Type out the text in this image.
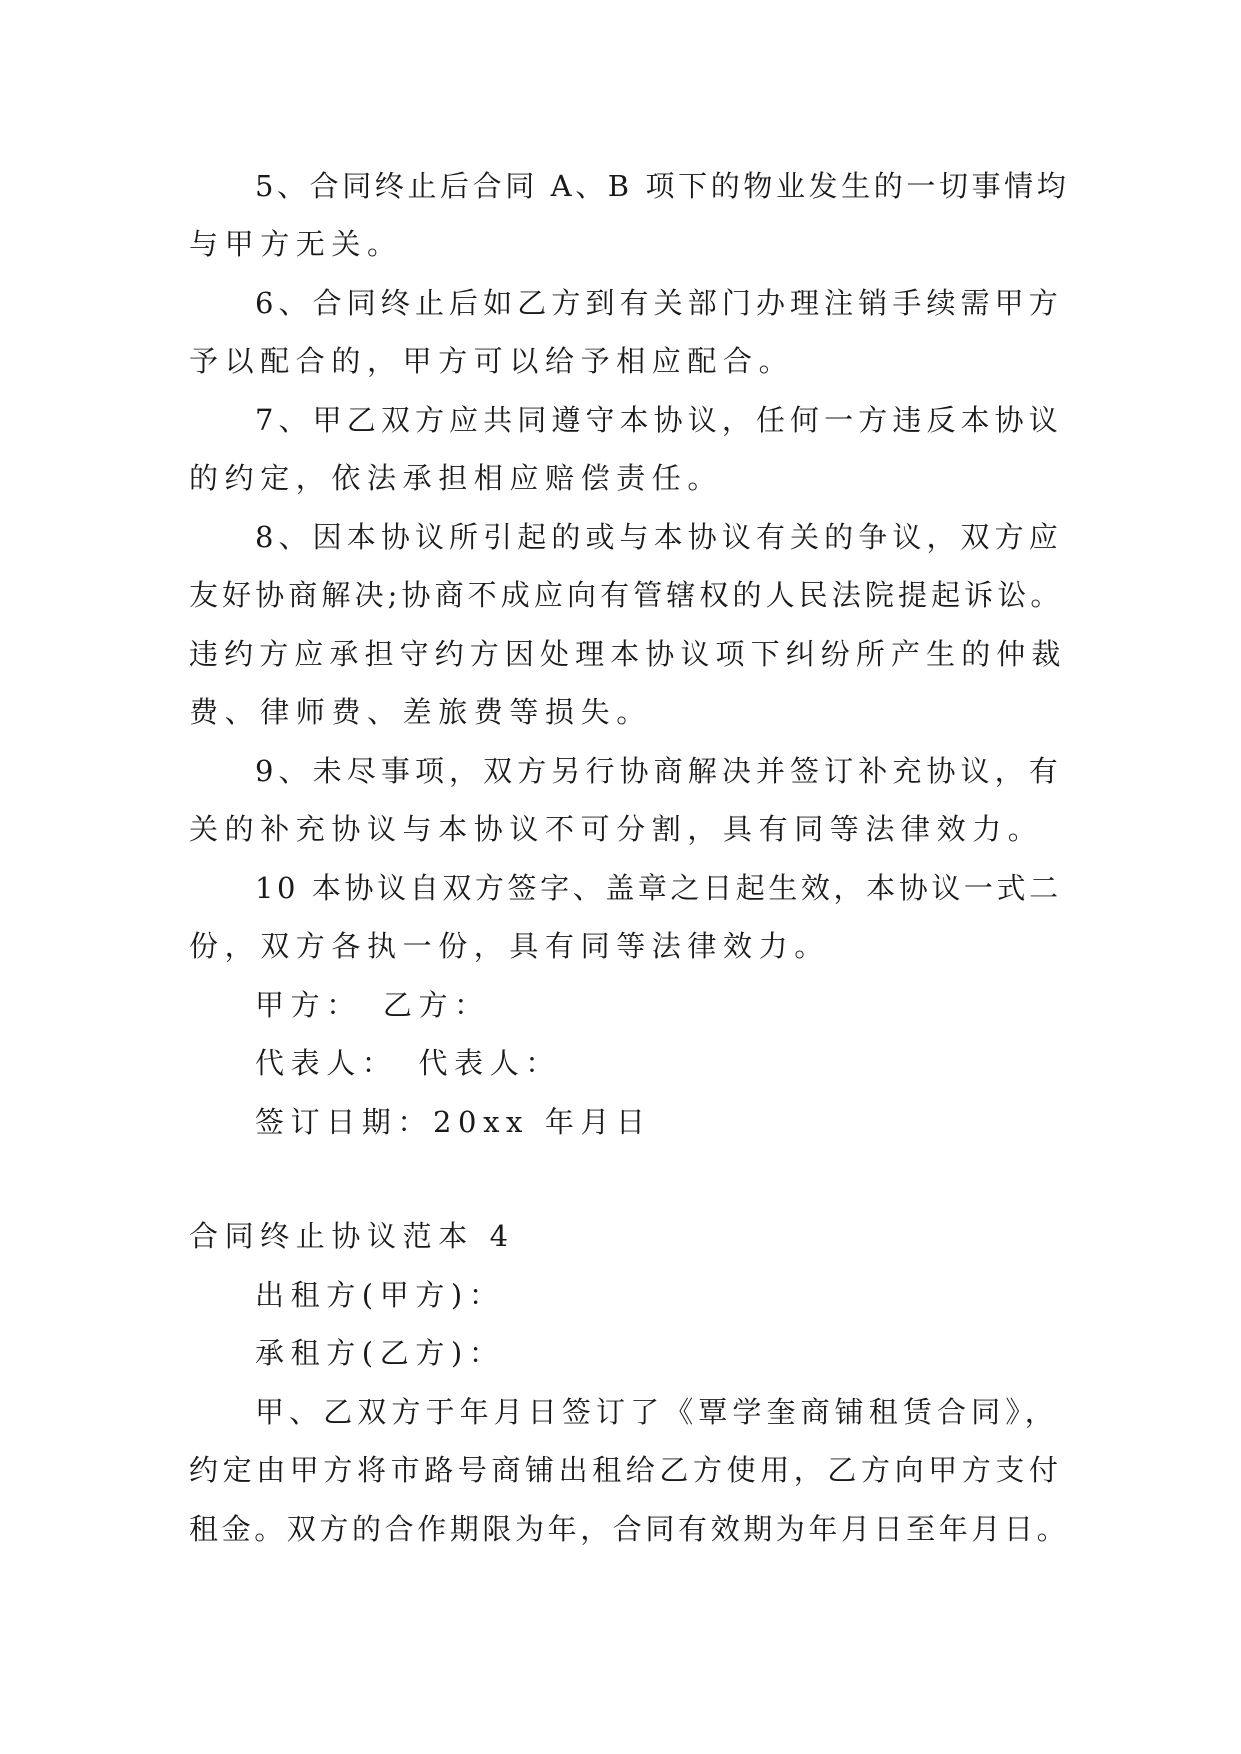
5、合同终止后合同 A、B 项下的物业发生的一切事情均
与甲方无关。
6、合同终止后如乙方到有关部门办理注销手续需甲方
予以配合的，甲方可以给予相应配合。
7、甲乙双方应共同遵守本协议，任何一方违反本协议
的约定，依法承担相应赔偿责任。
8、因本协议所引起的或与本协议有关的争议，双方应
友好协商解决;协商不成应向有管辖权的人民法院提起诉讼。
违约方应承担守约方因处理本协议项下纠纷所产生的仲裁
费、律师费、差旅费等损失。
9、未尽事项，双方另行协商解决并签订补充协议，有
关的补充协议与本协议不可分割，具有同等法律效力。
10 本协议自双方签字、盖章之日起生效，本协议一式二
份，双方各执一份，具有同等法律效力。
甲方：　乙方：
代表人：　代表人：
签订日期：20xx 年月日
合同终止协议范本 4
出租方(甲方)：
承租方(乙方)：
甲、乙双方于年月日签订了《覃学奎商铺租赁合同》，
约定由甲方将市路号商铺出租给乙方使用，乙方向甲方支付
租金。双方的合作期限为年，合同有效期为年月日至年月日。
